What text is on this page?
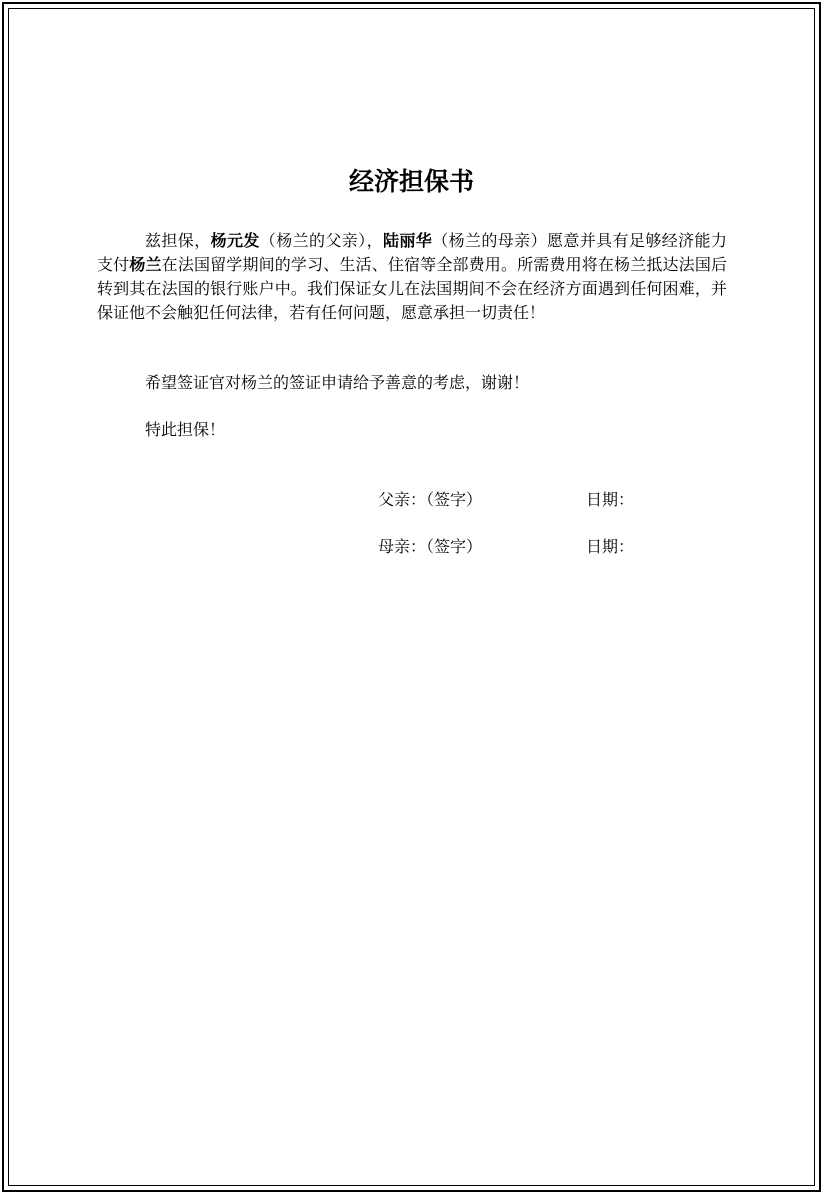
经济担保书

兹担保，杨元发（杨兰的父亲），陆丽华（杨兰的母亲）愿意并具有足够经济能力支付杨兰在法国留学期间的学习、生活、住宿等全部费用。所需费用将在杨兰抵达法国后转到其在法国的银行账户中。我们保证女儿在法国期间不会在经济方面遇到任何困难，并保证他不会触犯任何法律，若有任何问题，愿意承担一切责任！

希望签证官对杨兰的签证申请给予善意的考虑，谢谢！

特此担保！

父亲：（签字）	日期：
母亲：（签字）	日期：
